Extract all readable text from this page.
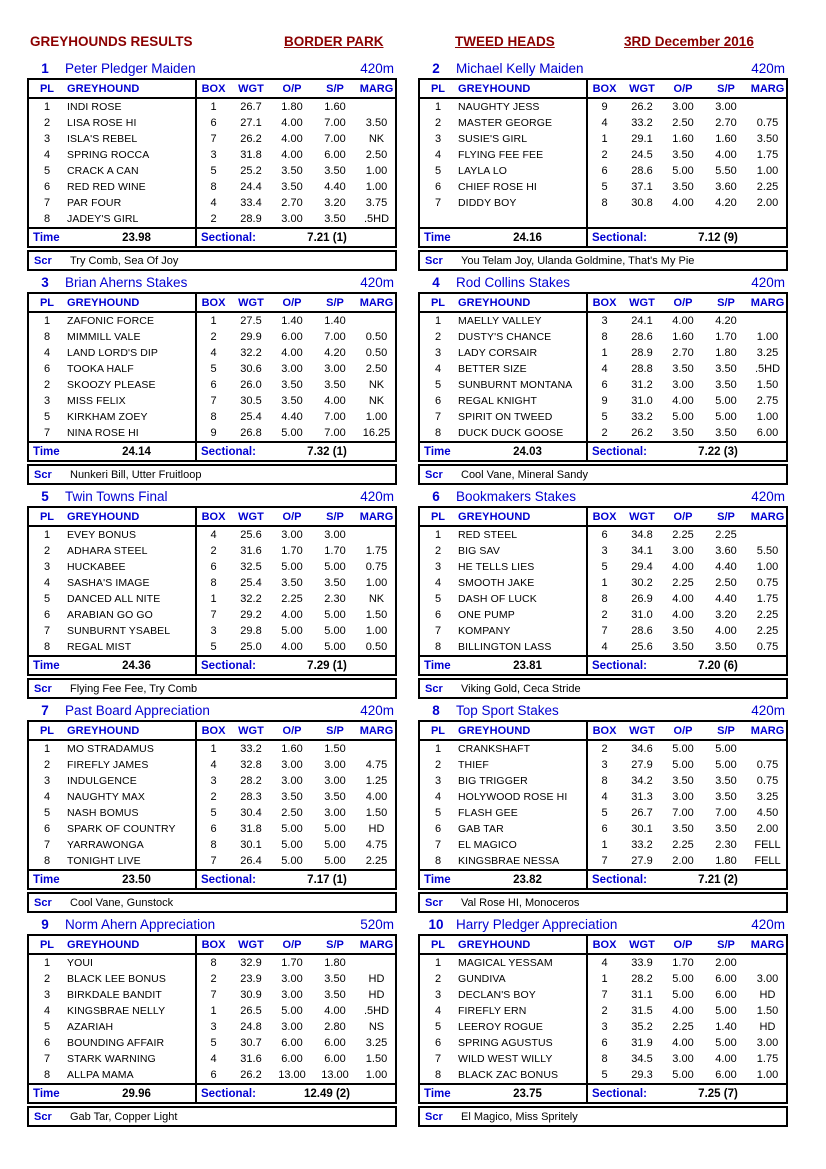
GREYHOUNDS RESULTS	BORDER PARK	TWEED HEADS	3RD December 2016
1	Peter Pledger Maiden	420m
PL	GREYHOUND	BOX	WGT	O/P	S/P	MARG
1	INDI ROSE	1	26.7	1.80	1.60
2	LISA ROSE HI	6	27.1	4.00	7.00	3.50
3	ISLA'S REBEL	7	26.2	4.00	7.00	NK
4	SPRING ROCCA	3	31.8	4.00	6.00	2.50
5	CRACK A CAN	5	25.2	3.50	3.50	1.00
6	RED RED WINE	8	24.4	3.50	4.40	1.00
7	PAR FOUR	4	33.4	2.70	3.20	3.75
8	JADEY'S GIRL	2	28.9	3.00	3.50	.5HD
Time	23.98	Sectional:	7.21 (1)
Scr	Try Comb, Sea Of Joy
2	Michael Kelly Maiden	420m
PL	GREYHOUND	BOX	WGT	O/P	S/P	MARG
1	NAUGHTY JESS	9	26.2	3.00	3.00
2	MASTER GEORGE	4	33.2	2.50	2.70	0.75
3	SUSIE'S GIRL	1	29.1	1.60	1.60	3.50
4	FLYING FEE FEE	2	24.5	3.50	4.00	1.75
5	LAYLA LO	6	28.6	5.00	5.50	1.00
6	CHIEF ROSE HI	5	37.1	3.50	3.60	2.25
7	DIDDY BOY	8	30.8	4.00	4.20	2.00
Time	24.16	Sectional:	7.12 (9)
Scr	You Telam Joy, Ulanda Goldmine, That's My Pie
3	Brian Aherns Stakes	420m
PL	GREYHOUND	BOX	WGT	O/P	S/P	MARG
1	ZAFONIC FORCE	1	27.5	1.40	1.40
8	MIMMILL VALE	2	29.9	6.00	7.00	0.50
4	LAND LORD'S DIP	4	32.2	4.00	4.20	0.50
6	TOOKA HALF	5	30.6	3.00	3.00	2.50
2	SKOOZY PLEASE	6	26.0	3.50	3.50	NK
3	MISS FELIX	7	30.5	3.50	4.00	NK
5	KIRKHAM ZOEY	8	25.4	4.40	7.00	1.00
7	NINA ROSE HI	9	26.8	5.00	7.00	16.25
Time	24.14	Sectional:	7.32 (1)
Scr	Nunkeri Bill, Utter Fruitloop
4	Rod Collins Stakes	420m
PL	GREYHOUND	BOX	WGT	O/P	S/P	MARG
1	MAELLY VALLEY	3	24.1	4.00	4.20
2	DUSTY'S CHANCE	8	28.6	1.60	1.70	1.00
3	LADY CORSAIR	1	28.9	2.70	1.80	3.25
4	BETTER SIZE	4	28.8	3.50	3.50	.5HD
5	SUNBURNT MONTANA	6	31.2	3.00	3.50	1.50
6	REGAL KNIGHT	9	31.0	4.00	5.00	2.75
7	SPIRIT ON TWEED	5	33.2	5.00	5.00	1.00
8	DUCK DUCK GOOSE	2	26.2	3.50	3.50	6.00
Time	24.03	Sectional:	7.22 (3)
Scr	Cool Vane, Mineral Sandy
5	Twin Towns Final	420m
PL	GREYHOUND	BOX	WGT	O/P	S/P	MARG
1	EVEY BONUS	4	25.6	3.00	3.00
2	ADHARA STEEL	2	31.6	1.70	1.70	1.75
3	HUCKABEE	6	32.5	5.00	5.00	0.75
4	SASHA'S IMAGE	8	25.4	3.50	3.50	1.00
5	DANCED ALL NITE	1	32.2	2.25	2.30	NK
6	ARABIAN GO GO	7	29.2	4.00	5.00	1.50
7	SUNBURNT YSABEL	3	29.8	5.00	5.00	1.00
8	REGAL MIST	5	25.0	4.00	5.00	0.50
Time	24.36	Sectional:	7.29 (1)
Scr	Flying Fee Fee, Try Comb
6	Bookmakers Stakes	420m
PL	GREYHOUND	BOX	WGT	O/P	S/P	MARG
1	RED STEEL	6	34.8	2.25	2.25
2	BIG SAV	3	34.1	3.00	3.60	5.50
3	HE TELLS LIES	5	29.4	4.00	4.40	1.00
4	SMOOTH JAKE	1	30.2	2.25	2.50	0.75
5	DASH OF LUCK	8	26.9	4.00	4.40	1.75
6	ONE PUMP	2	31.0	4.00	3.20	2.25
7	KOMPANY	7	28.6	3.50	4.00	2.25
8	BILLINGTON LASS	4	25.6	3.50	3.50	0.75
Time	23.81	Sectional:	7.20 (6)
Scr	Viking Gold, Ceca Stride
7	Past Board Appreciation	420m
PL	GREYHOUND	BOX	WGT	O/P	S/P	MARG
1	MO STRADAMUS	1	33.2	1.60	1.50
2	FIREFLY JAMES	4	32.8	3.00	3.00	4.75
3	INDULGENCE	3	28.2	3.00	3.00	1.25
4	NAUGHTY MAX	2	28.3	3.50	3.50	4.00
5	NASH BOMUS	5	30.4	2.50	3.00	1.50
6	SPARK OF COUNTRY	6	31.8	5.00	5.00	HD
7	YARRAWONGA	8	30.1	5.00	5.00	4.75
8	TONIGHT LIVE	7	26.4	5.00	5.00	2.25
Time	23.50	Sectional:	7.17 (1)
Scr	Cool Vane, Gunstock
8	Top Sport Stakes	420m
PL	GREYHOUND	BOX	WGT	O/P	S/P	MARG
1	CRANKSHAFT	2	34.6	5.00	5.00
2	THIEF	3	27.9	5.00	5.00	0.75
3	BIG TRIGGER	8	34.2	3.50	3.50	0.75
4	HOLYWOOD ROSE HI	4	31.3	3.00	3.50	3.25
5	FLASH GEE	5	26.7	7.00	7.00	4.50
6	GAB TAR	6	30.1	3.50	3.50	2.00
7	EL MAGICO	1	33.2	2.25	2.30	FELL
8	KINGSBRAE NESSA	7	27.9	2.00	1.80	FELL
Time	23.82	Sectional:	7.21 (2)
Scr	Val Rose HI, Monoceros
9	Norm Ahern Appreciation	520m
PL	GREYHOUND	BOX	WGT	O/P	S/P	MARG
1	YOUI	8	32.9	1.70	1.80
2	BLACK LEE BONUS	2	23.9	3.00	3.50	HD
3	BIRKDALE BANDIT	7	30.9	3.00	3.50	HD
4	KINGSBRAE NELLY	1	26.5	5.00	4.00	.5HD
5	AZARIAH	3	24.8	3.00	2.80	NS
6	BOUNDING AFFAIR	5	30.7	6.00	6.00	3.25
7	STARK WARNING	4	31.6	6.00	6.00	1.50
8	ALLPA MAMA	6	26.2	13.00	13.00	1.00
Time	29.96	Sectional:	12.49 (2)
Scr	Gab Tar, Copper Light
10 Harry Pledger Appreciation	420m
PL	GREYHOUND	BOX	WGT	O/P	S/P	MARG
1	MAGICAL YESSAM	4	33.9	1.70	2.00
2	GUNDIVA	1	28.2	5.00	6.00	3.00
3	DECLAN'S BOY	7	31.1	5.00	6.00	HD
4	FIREFLY ERN	2	31.5	4.00	5.00	1.50
5	LEEROY ROGUE	3	35.2	2.25	1.40	HD
6	SPRING AGUSTUS	6	31.9	4.00	5.00	3.00
7	WILD WEST WILLY	8	34.5	3.00	4.00	1.75
8	BLACK ZAC BONUS	5	29.3	5.00	6.00	1.00
Time	23.75	Sectional:	7.25 (7)
Scr	El Magico, Miss Spritely
